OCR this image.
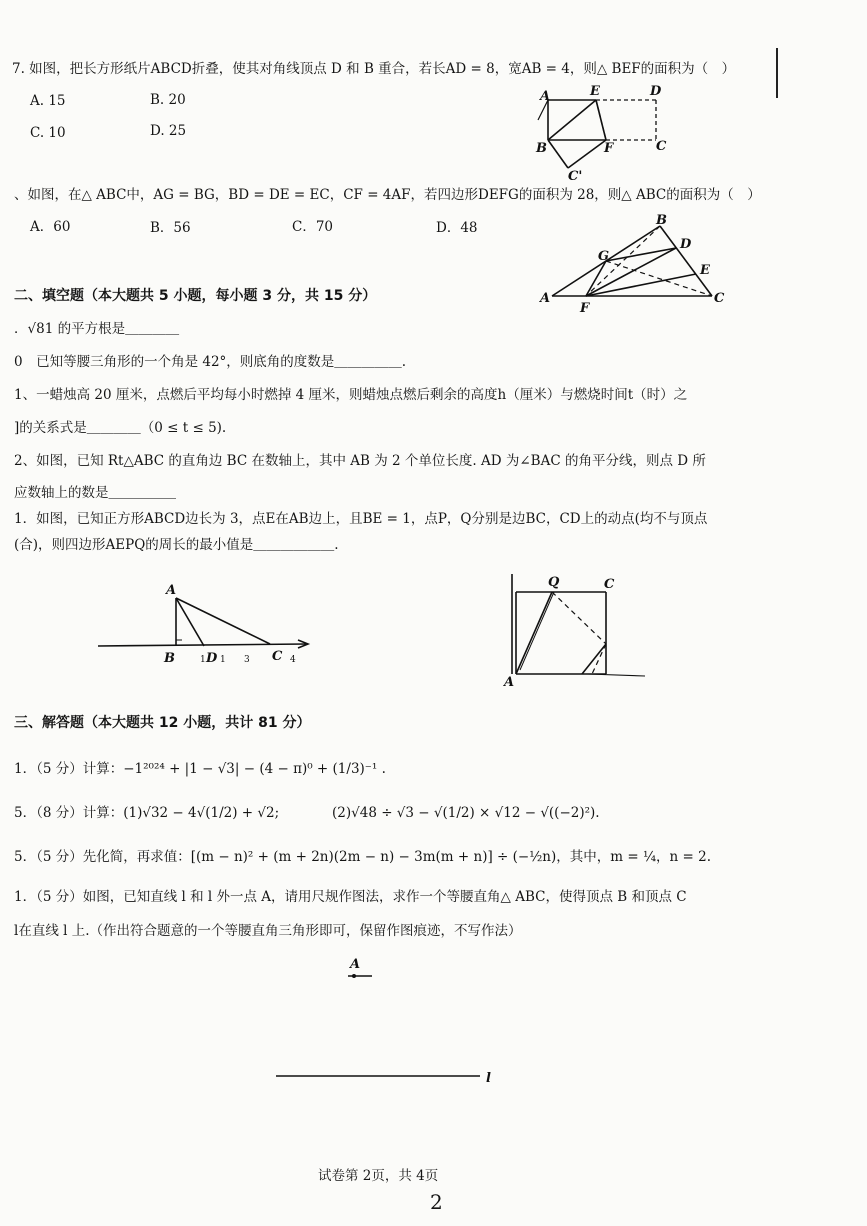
7. 如图，把长方形纸片ABCD折叠，使其对角线顶点 D 和 B 重合，若长AD = 8，宽AB = 4，则△ BEF的面积为（　）
A. 15	B. 20
C. 10	D. 25
A	E	D
B	F	C
C'
、如图，在△ ABC中，AG = BG，BD = DE = EC，CF = 4AF，若四边形DEFG的面积为 28，则△ ABC的面积为（　）
A．60	B．56	C．70	D．48	B
D
G
E
A
F
C
二、填空题（本大题共 5 小题，每小题 3 分，共 15 分）
．√81 的平方根是＿＿＿＿
0　已知等腰三角形的一个角是 42°，则底角的度数是＿＿＿＿＿.
1、一蜡烛高 20 厘米，点燃后平均每小时燃掉 4 厘米，则蜡烛点燃后剩余的高度h（厘米）与燃烧时间t（时）之
]的关系式是＿＿＿＿（0 ≤ t ≤ 5).
2、如图，已知 Rt△ABC 的直角边 BC 在数轴上，其中 AB 为 2 个单位长度. AD 为∠BAC 的角平分线，则点 D 所
应数轴上的数是＿＿＿＿＿
1．如图，已知正方形ABCD边长为 3，点E在AB边上，且BE = 1，点P，Q分别是边BC，CD上的动点(均不与顶点
(合)，则四边形AEPQ的周长的最小值是＿＿＿＿＿＿.
A
B D	C
1 1 3	4
Q	C
A
三、解答题（本大题共 12 小题，共计 81 分）
1．（5 分）计算：−1²⁰²⁴ + |1 − √3| − (4 − π)⁰ + (1/3)⁻¹ .
5．（8 分）计算：(1)√32 − 4√(1/2) + √2;	(2)√48 ÷ √3 − √(1/2) × √12 − √((−2)²).
5．（5 分）先化简，再求值：[(m − n)² + (m + 2n)(2m − n) − 3m(m + n)] ÷ (−½n)，其中，m = ¼，n = 2.
1．（5 分）如图，已知直线 l 和 l 外一点 A，请用尺规作图法，求作一个等腰直角△ ABC，使得顶点 B 和顶点 C
l在直线 l 上.（作出符合题意的一个等腰直角三角形即可，保留作图痕迹，不写作法）
A
l
试卷第 2页，共 4页
2
